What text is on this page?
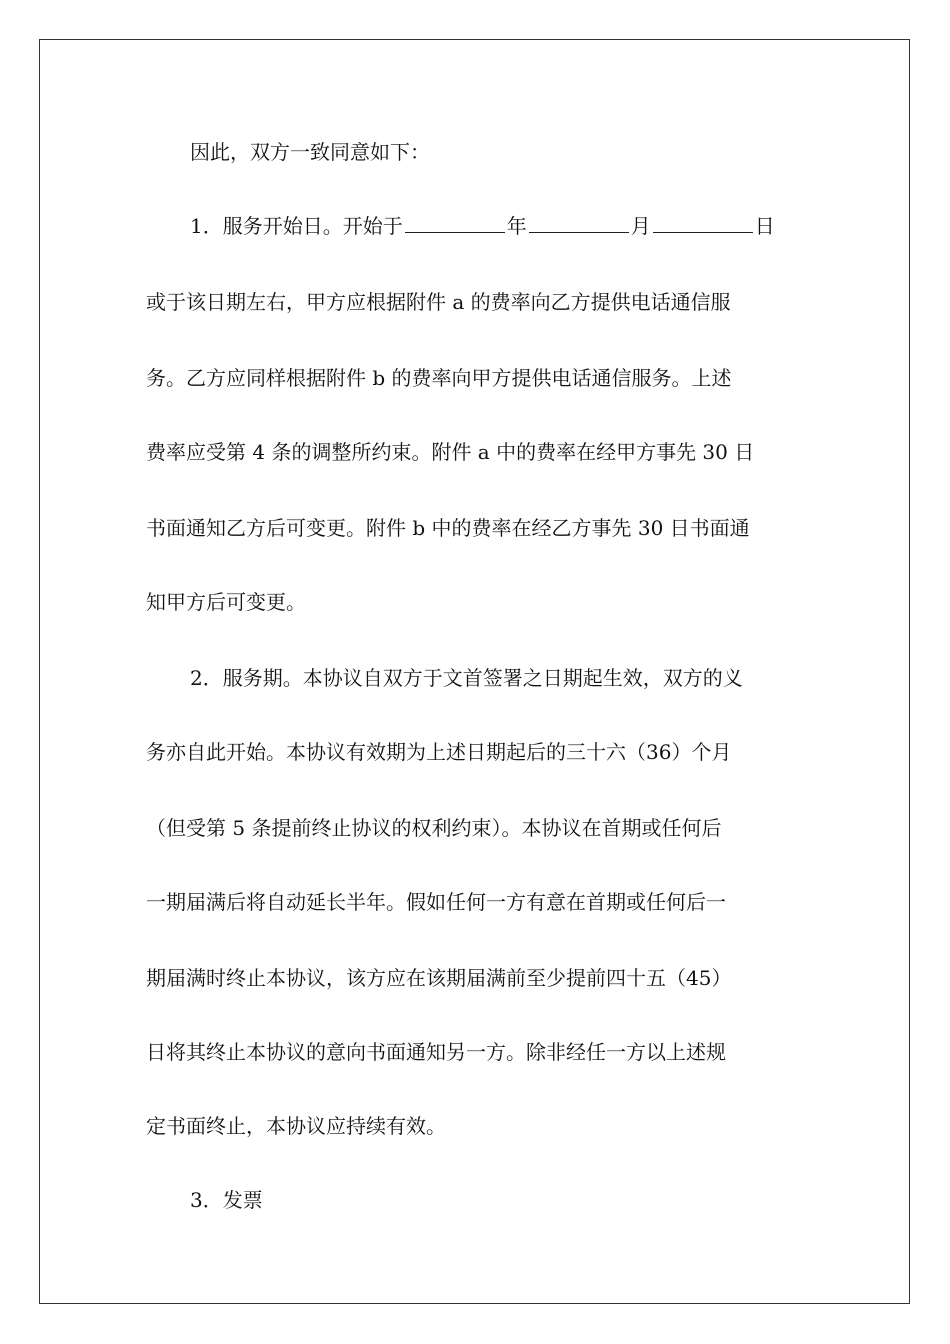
因此，双方一致同意如下：
1．服务开始日。开始于	年	月	日
或于该日期左右，甲方应根据附件 a 的费率向乙方提供电话通信服
务。乙方应同样根据附件 b 的费率向甲方提供电话通信服务。上述
费率应受第 4 条的调整所约束。附件 a 中的费率在经甲方事先 30 日
书面通知乙方后可变更。附件 b 中的费率在经乙方事先 30 日书面通
知甲方后可变更。
2．服务期。本协议自双方于文首签署之日期起生效，双方的义
务亦自此开始。本协议有效期为上述日期起后的三十六（36）个月
（但受第 5 条提前终止协议的权利约束）。本协议在首期或任何后
一期届满后将自动延长半年。假如任何一方有意在首期或任何后一
期届满时终止本协议，该方应在该期届满前至少提前四十五（45）
日将其终止本协议的意向书面通知另一方。除非经任一方以上述规
定书面终止，本协议应持续有效。
3．发票
